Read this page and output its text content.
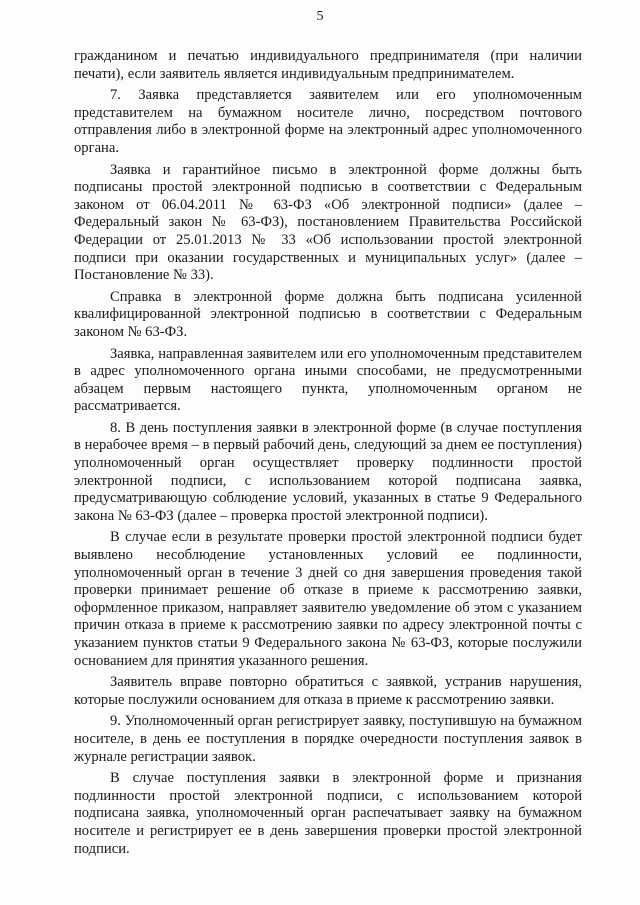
5

гражданином и печатью индивидуального предпринимателя (при наличии печати), если заявитель является индивидуальным предпринимателем.

7. Заявка представляется заявителем или его уполномоченным представителем на бумажном носителе лично, посредством почтового отправления либо в электронной форме на электронный адрес уполномоченного органа.

Заявка и гарантийное письмо в электронной форме должны быть подписаны простой электронной подписью в соответствии с Федеральным законом от 06.04.2011 № 63-ФЗ «Об электронной подписи» (далее – Федеральный закон № 63-ФЗ), постановлением Правительства Российской Федерации от 25.01.2013 № 33 «Об использовании простой электронной подписи при оказании государственных и муниципальных услуг» (далее – Постановление № 33).

Справка в электронной форме должна быть подписана усиленной квалифицированной электронной подписью в соответствии с Федеральным законом № 63-ФЗ.

Заявка, направленная заявителем или его уполномоченным представителем в адрес уполномоченного органа иными способами, не предусмотренными абзацем первым настоящего пункта, уполномоченным органом не рассматривается.

8. В день поступления заявки в электронной форме (в случае поступления в нерабочее время – в первый рабочий день, следующий за днем ее поступления) уполномоченный орган осуществляет проверку подлинности простой электронной подписи, с использованием которой подписана заявка, предусматривающую соблюдение условий, указанных в статье 9 Федерального закона № 63-ФЗ (далее – проверка простой электронной подписи).

В случае если в результате проверки простой электронной подписи будет выявлено несоблюдение установленных условий ее подлинности, уполномоченный орган в течение 3 дней со дня завершения проведения такой проверки принимает решение об отказе в приеме к рассмотрению заявки, оформленное приказом, направляет заявителю уведомление об этом с указанием причин отказа в приеме к рассмотрению заявки по адресу электронной почты с указанием пунктов статьи 9 Федерального закона № 63-ФЗ, которые послужили основанием для принятия указанного решения.

Заявитель вправе повторно обратиться с заявкой, устранив нарушения, которые послужили основанием для отказа в приеме к рассмотрению заявки.

9. Уполномоченный орган регистрирует заявку, поступившую на бумажном носителе, в день ее поступления в порядке очередности поступления заявок в журнале регистрации заявок.

В случае поступления заявки в электронной форме и признания подлинности простой электронной подписи, с использованием которой подписана заявка, уполномоченный орган распечатывает заявку на бумажном носителе и регистрирует ее в день завершения проверки простой электронной подписи.
